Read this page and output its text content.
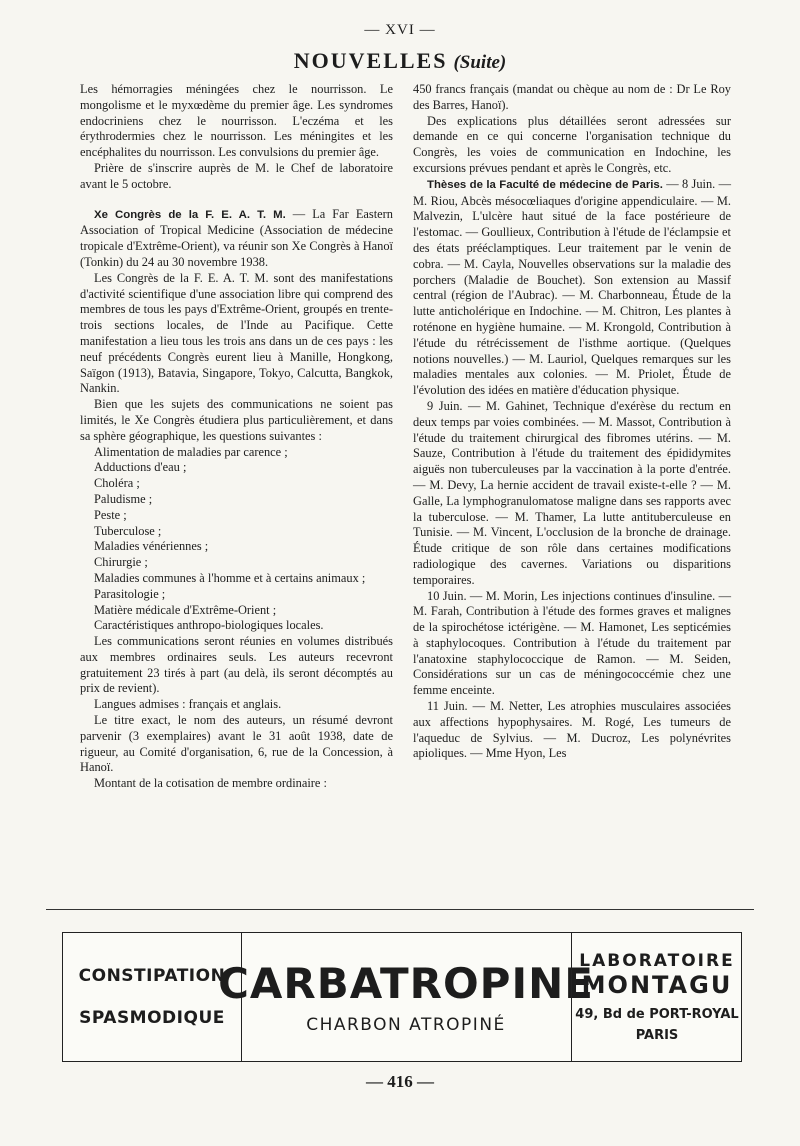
— XVI —
NOUVELLES (Suite)

Les hémorragies méningées chez le nourrisson. Le mongolisme et le myxœdème du premier âge. Les syndromes endocriniens chez le nourrisson. L'eczéma et les érythrodermies chez le nourrisson. Les méningites et les encéphalites du nourrisson. Les convulsions du premier âge.

Prière de s'inscrire auprès de M. le Chef de laboratoire avant le 5 octobre.

Xe Congrès de la F. E. A. T. M. — La Far Eastern Association of Tropical Medicine (Association de médecine tropicale d'Extrême-Orient), va réunir son Xe Congrès à Hanoï (Tonkin) du 24 au 30 novembre 1938.

Les Congrès de la F. E. A. T. M. sont des manifestations d'activité scientifique d'une association libre qui comprend des membres de tous les pays d'Extrême-Orient, groupés en trente-trois sections locales, de l'Inde au Pacifique. Cette manifestation a lieu tous les trois ans dans un de ces pays : les neuf précédents Congrès eurent lieu à Manille, Hongkong, Saïgon (1913), Batavia, Singapore, Tokyo, Calcutta, Bangkok, Nankin.

Bien que les sujets des communications ne soient pas limités, le Xe Congrès étudiera plus particulièrement, et dans sa sphère géographique, les questions suivantes :

Alimentation de maladies par carence ;
Adductions d'eau ;
Choléra ;
Paludisme ;
Peste ;
Tuberculose ;
Maladies vénériennes ;
Chirurgie ;
Maladies communes à l'homme et à certains animaux ;
Parasitologie ;
Matière médicale d'Extrême-Orient ;
Caractéristiques anthropo-biologiques locales.

Les communications seront réunies en volumes distribués aux membres ordinaires seuls. Les auteurs recevront gratuitement 23 tirés à part (au delà, ils seront décomptés au prix de revient).

Langues admises : français et anglais.

Le titre exact, le nom des auteurs, un résumé devront parvenir (3 exemplaires) avant le 31 août 1938, date de rigueur, au Comité d'organisation, 6, rue de la Concession, à Hanoï.

Montant de la cotisation de membre ordinaire :

450 francs français (mandat ou chèque au nom de : Dr Le Roy des Barres, Hanoï).

Des explications plus détaillées seront adressées sur demande en ce qui concerne l'organisation technique du Congrès, les voies de communication en Indochine, les excursions prévues pendant et après le Congrès, etc.

Thèses de la Faculté de médecine de Paris. — 8 Juin. — M. Riou, Abcès mésocœliaques d'origine appendiculaire. — M. Malvezin, L'ulcère haut situé de la face postérieure de l'estomac. — Goullieux, Contribution à l'étude de l'éclampsie et des états prééclamptiques. Leur traitement par le venin de cobra. — M. Cayla, Nouvelles observations sur la maladie des porchers (Maladie de Bouchet). Son extension au Massif central (région de l'Aubrac). — M. Charbonneau, Étude de la lutte anticholérique en Indochine. — M. Chitron, Les plantes à roténone en hygiène humaine. — M. Krongold, Contribution à l'étude du rétrécissement de l'isthme aortique. (Quelques notions nouvelles.) — M. Lauriol, Quelques remarques sur les maladies mentales aux colonies. — M. Priolet, Étude de l'évolution des idées en matière d'éducation physique.

9 Juin. — M. Gahinet, Technique d'exérèse du rectum en deux temps par voies combinées. — M. Massot, Contribution à l'étude du traitement chirurgical des fibromes utérins. — M. Sauze, Contribution à l'étude du traitement des épididymites aiguës non tuberculeuses par la vaccination à la porte d'entrée. — M. Devy, La hernie accident de travail existe-t-elle ? — M. Galle, La lymphogranulomatose maligne dans ses rapports avec la tuberculose. — M. Thamer, La lutte antituberculeuse en Tunisie. — M. Vincent, L'occlusion de la bronche de drainage. Étude critique de son rôle dans certaines modifications radiologique des cavernes. Variations ou disparitions temporaires.

10 Juin. — M. Morin, Les injections continues d'insuline. — M. Farah, Contribution à l'étude des formes graves et malignes de la spirochétose ictérigène. — M. Hamonet, Les septicémies à staphylocoques. Contribution à l'étude du traitement par l'anatoxine staphylococcique de Ramon. — M. Seiden, Considérations sur un cas de méningococcémie chez une femme enceinte.

11 Juin. — M. Netter, Les atrophies musculaires associées aux affections hypophysaires. M. Rogé, Les tumeurs de l'aqueduc de Sylvius. — M. Ducroz, Les polynévrites apioliques. — Mme Hyon, Les

CONSTIPATION
SPASMODIQUE
CARBATROPINE
CHARBON ATROPINÉ
LABORATOIRE
MONTAGU
49, Bd de PORT-ROYAL
PARIS
— 416 —
